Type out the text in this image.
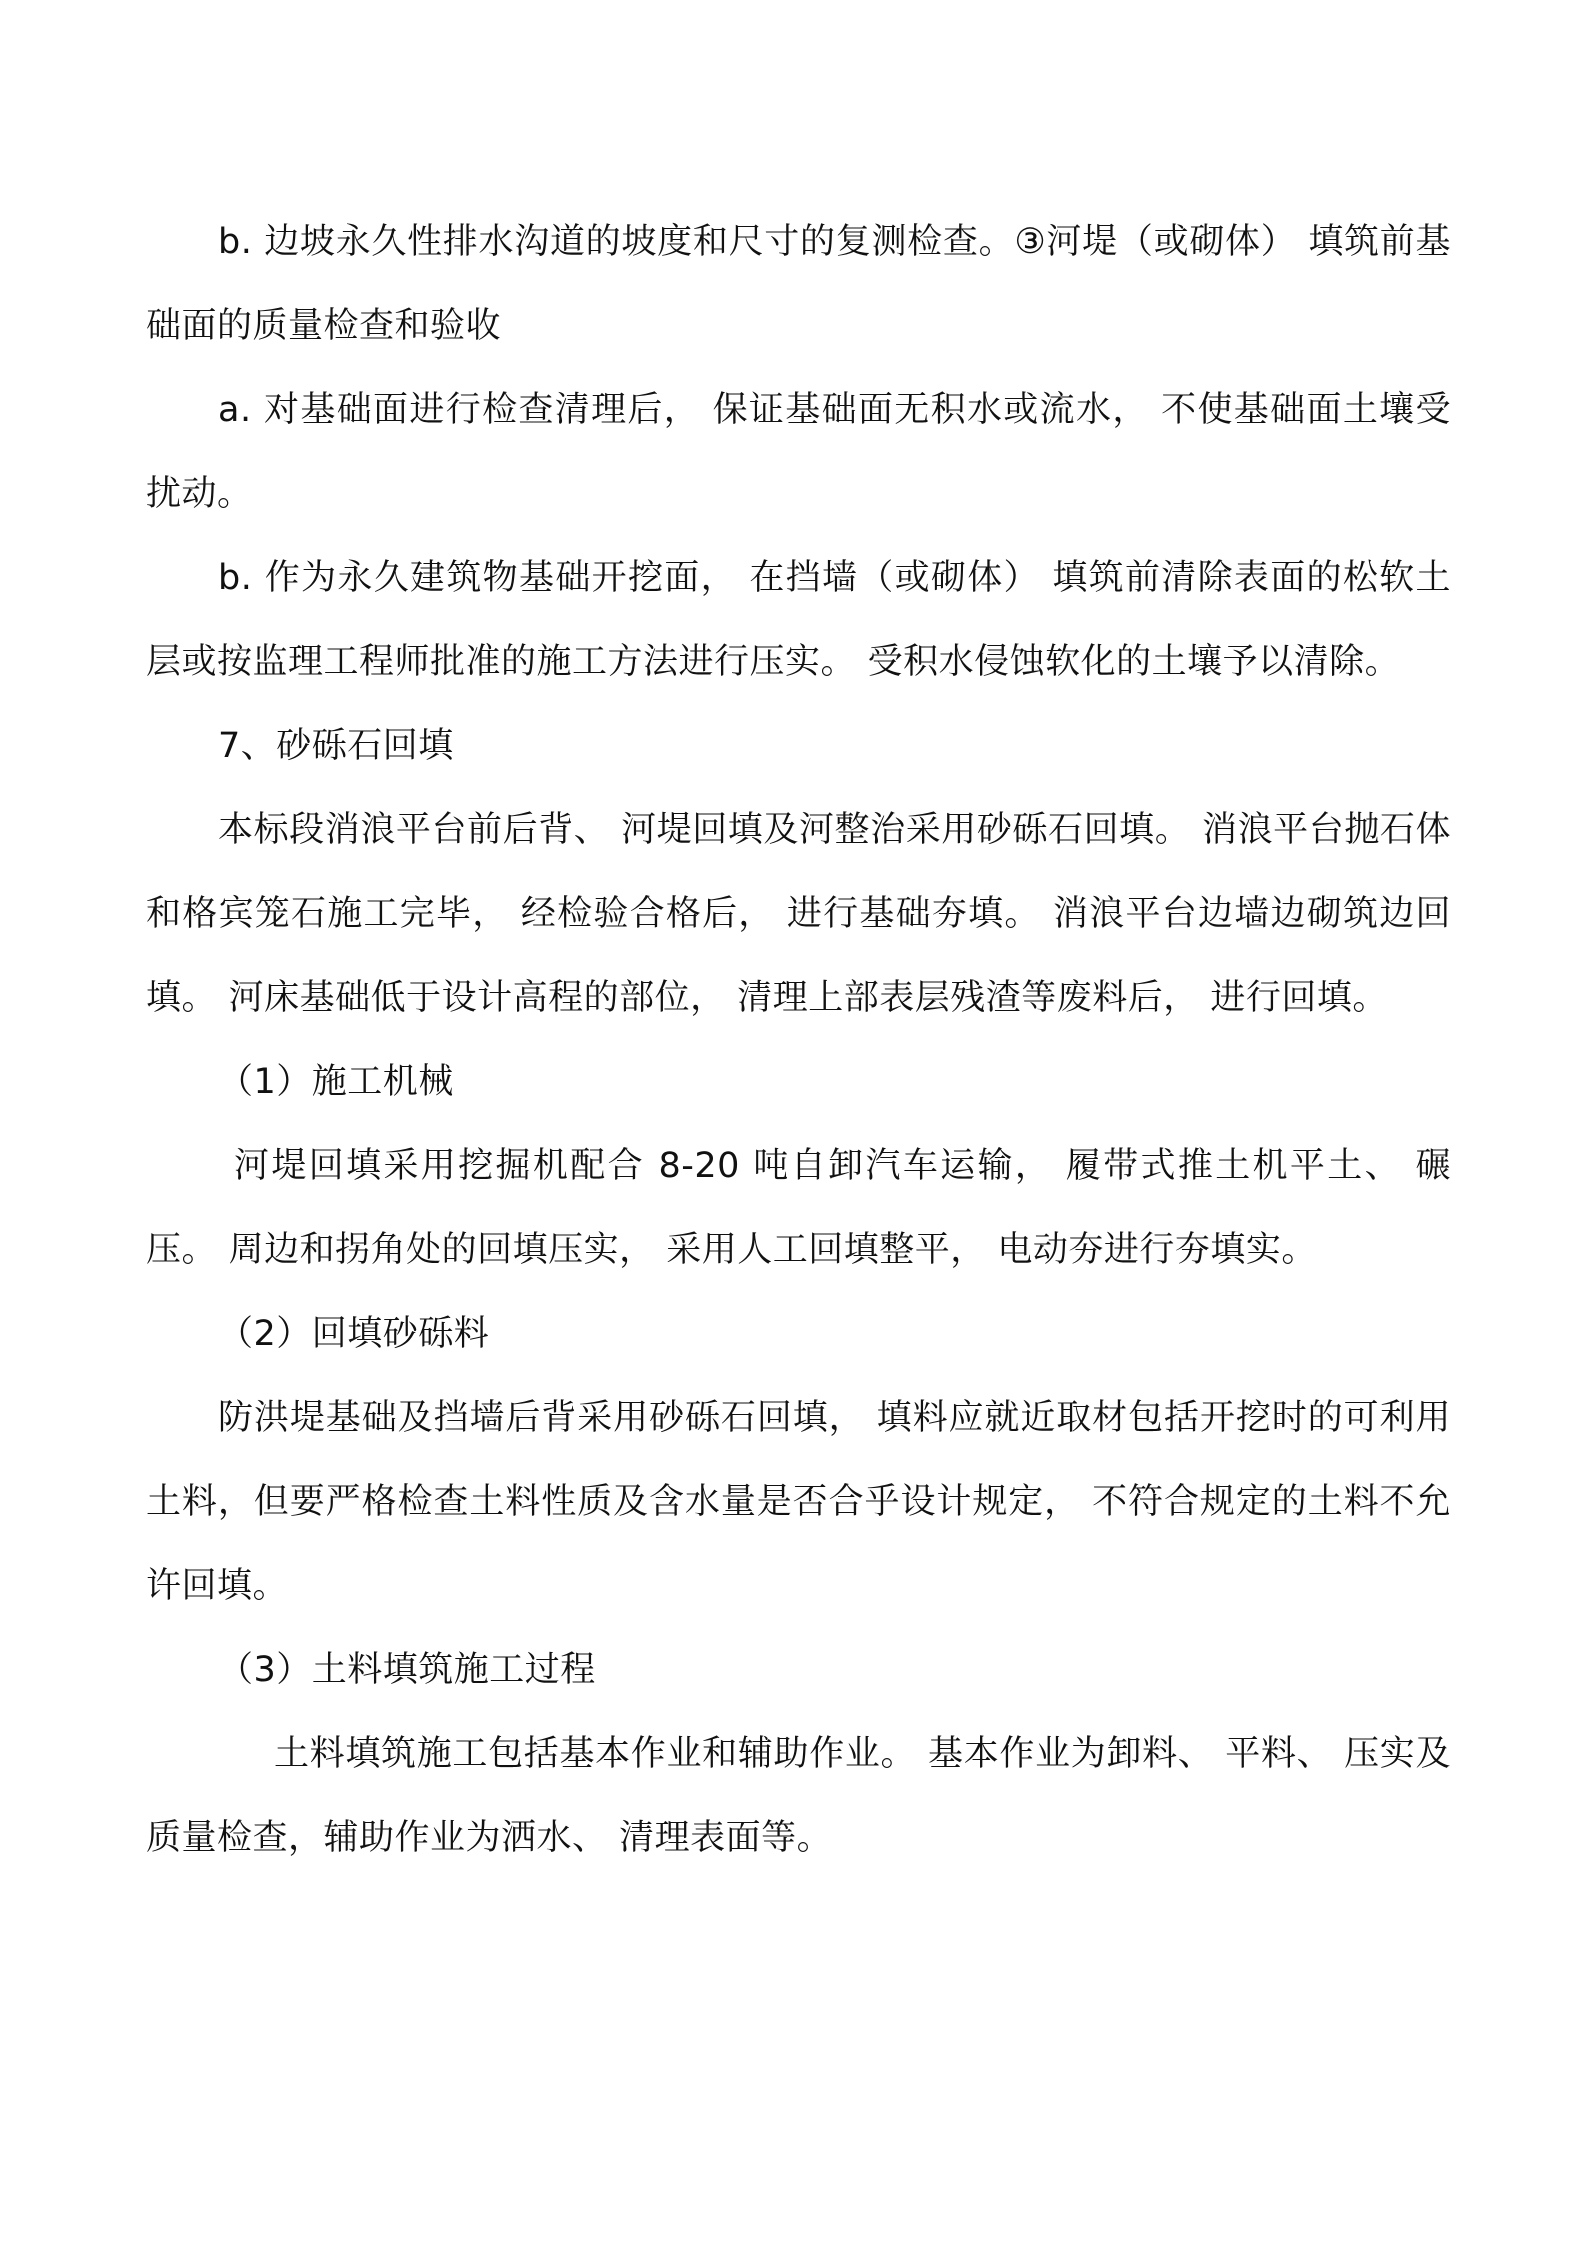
b. 边坡永久性排水沟道的坡度和尺寸的复测检查。③河堤（或砌体） 填筑前基础面的质量检查和验收

a. 对基础面进行检查清理后， 保证基础面无积水或流水， 不使基础面土壤受扰动。

b. 作为永久建筑物基础开挖面， 在挡墙（或砌体） 填筑前清除表面的松软土层或按监理工程师批准的施工方法进行压实。 受积水侵蚀软化的土壤予以清除。

7、砂砾石回填

本标段消浪平台前后背、 河堤回填及河整治采用砂砾石回填。 消浪平台抛石体和格宾笼石施工完毕， 经检验合格后， 进行基础夯填。 消浪平台边墙边砌筑边回填。 河床基础低于设计高程的部位， 清理上部表层残渣等废料后， 进行回填。

（1）施工机械

河堤回填采用挖掘机配合 8-20 吨自卸汽车运输， 履带式推土机平土、 碾压。 周边和拐角处的回填压实， 采用人工回填整平， 电动夯进行夯填实。

（2）回填砂砾料

防洪堤基础及挡墙后背采用砂砾石回填， 填料应就近取材包括开挖时的可利用土料，但要严格检查土料性质及含水量是否合乎设计规定， 不符合规定的土料不允许回填。

（3）土料填筑施工过程

土料填筑施工包括基本作业和辅助作业。 基本作业为卸料、 平料、 压实及质量检查，辅助作业为洒水、 清理表面等。
